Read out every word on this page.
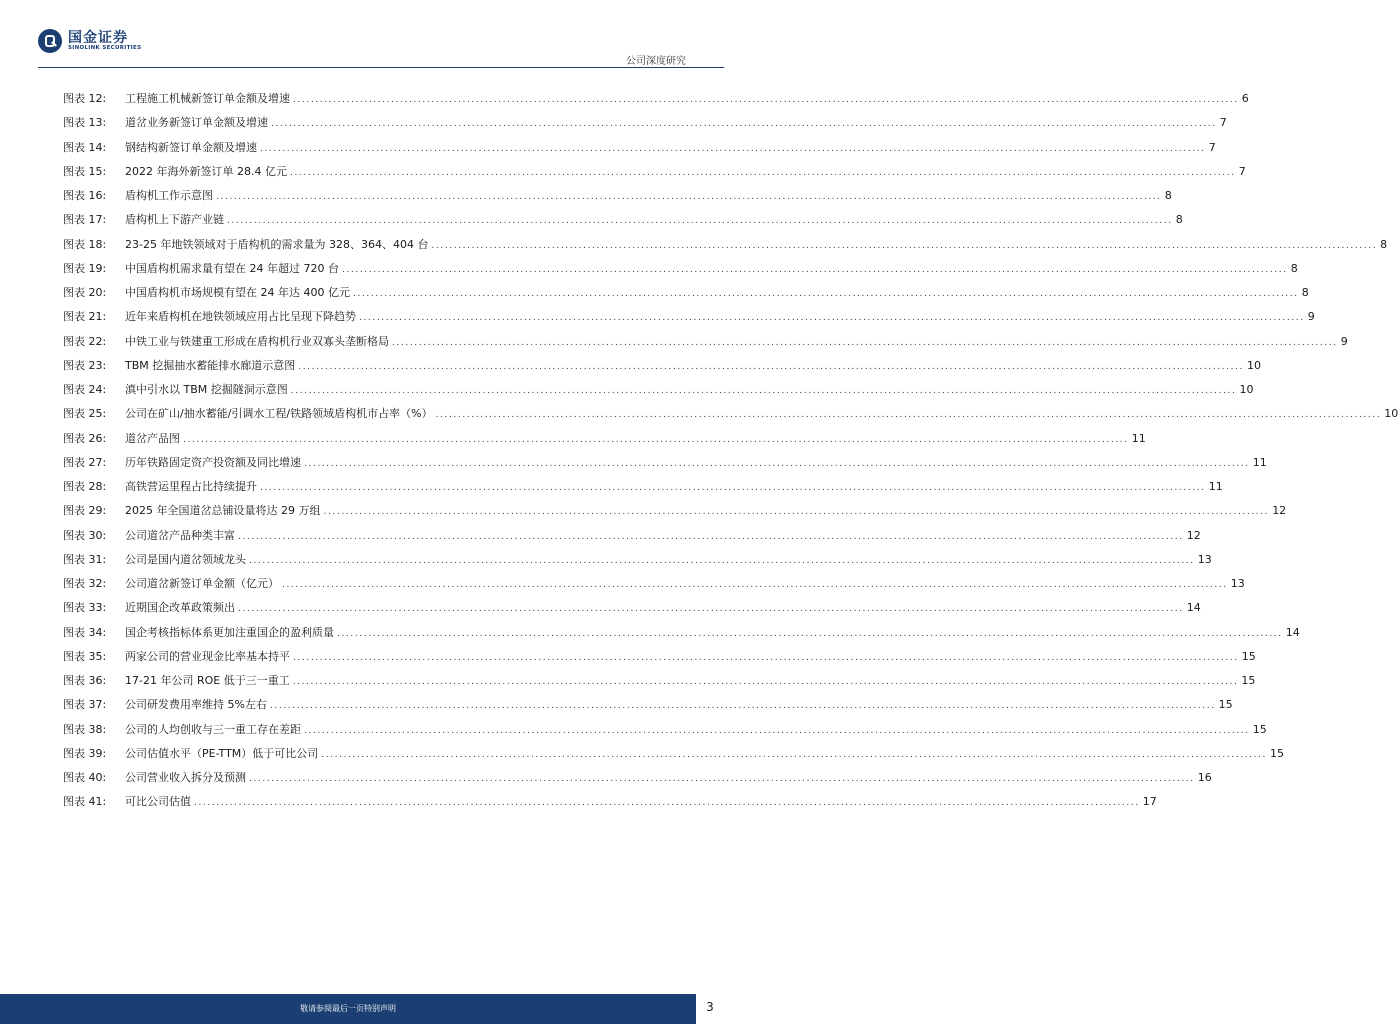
国金证券
SINOLINK SECURITIES
公司深度研究
图表 12:	工程施工机械新签订单金额及增速 .....	6
图表 13:	道岔业务新签订单金额及增速 .....	7
图表 14:	钢结构新签订单金额及增速 .....	7
图表 15:	2022 年海外新签订单 28.4 亿元 .....	7
图表 16:	盾构机工作示意图 .....	8
图表 17:	盾构机上下游产业链 .....	8
图表 18:	23-25 年地铁领域对于盾构机的需求量为 328、364、404 台 .....	8
图表 19:	中国盾构机需求量有望在 24 年超过 720 台 .....	8
图表 20:	中国盾构机市场规模有望在 24 年达 400 亿元 .....	8
图表 21:	近年来盾构机在地铁领域应用占比呈现下降趋势 .....	9
图表 22:	中铁工业与铁建重工形成在盾构机行业双寡头垄断格局 .....	9
图表 23:	TBM 挖掘抽水蓄能排水廊道示意图 .....	10
图表 24:	滇中引水以 TBM 挖掘隧洞示意图 .....	10
图表 25:	公司在矿山/抽水蓄能/引调水工程/铁路领域盾构机市占率（%） .....	10
图表 26:	道岔产品图 .....	11
图表 27:	历年铁路固定资产投资额及同比增速 .....	11
图表 28:	高铁营运里程占比持续提升 .....	11
图表 29:	2025 年全国道岔总铺设量将达 29 万组 .....	12
图表 30:	公司道岔产品种类丰富 .....	12
图表 31:	公司是国内道岔领域龙头 .....	13
图表 32:	公司道岔新签订单金额（亿元） .....	13
图表 33:	近期国企改革政策频出 .....	14
图表 34:	国企考核指标体系更加注重国企的盈利质量 .....	14
图表 35:	两家公司的营业现金比率基本持平 .....	15
图表 36:	17-21 年公司 ROE 低于三一重工 .....	15
图表 37:	公司研发费用率维持 5%左右 .....	15
图表 38:	公司的人均创收与三一重工存在差距 .....	15
图表 39:	公司估值水平（PE-TTM）低于可比公司 .....	15
图表 40:	公司营业收入拆分及预测 .....	16
图表 41:	可比公司估值 .....	17
敬请参阅最后一页特别声明	3
